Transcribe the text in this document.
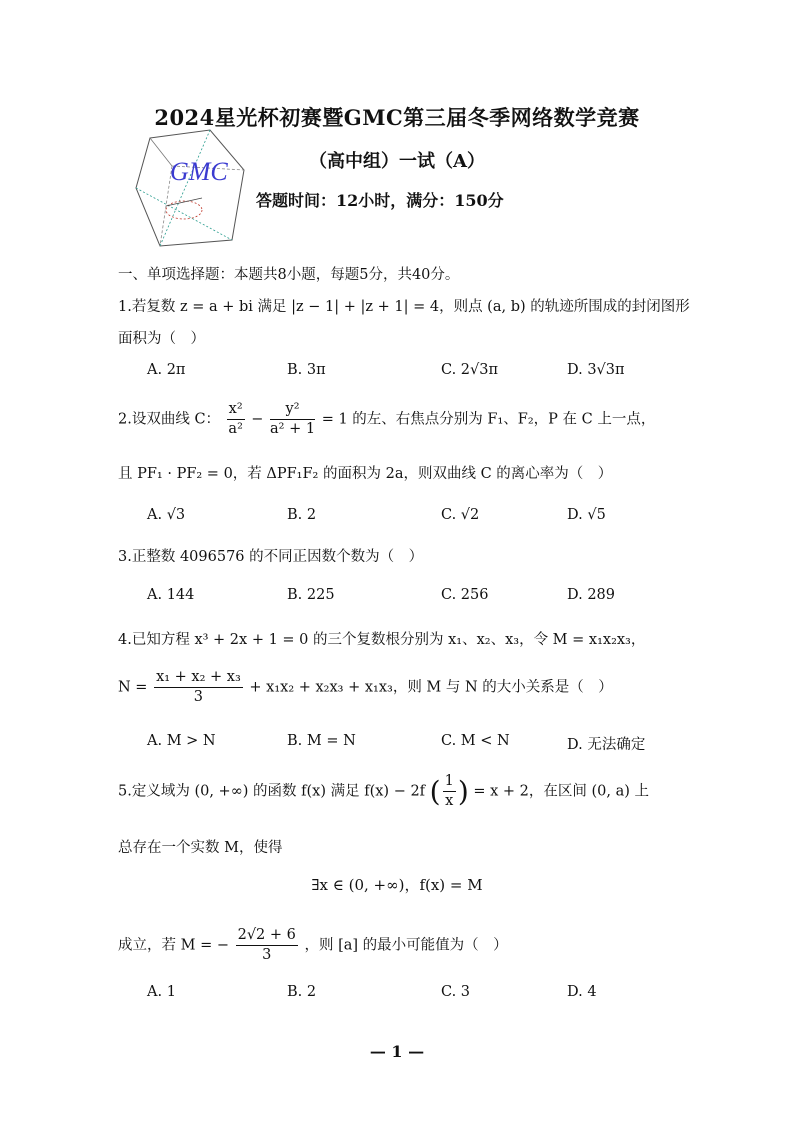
2024星光杯初赛暨GMC第三届冬季网络数学竞赛
GMC	（高中组）一试（A）
答题时间：12小时，满分：150分
一、单项选择题：本题共8小题，每题5分，共40分。
1.若复数 z = a + bi 满足 |z − 1| + |z + 1| = 4，则点 (a, b) 的轨迹所围成的封闭图形
面积为（　）
A. 2π	B. 3π	C. 2√3π	D. 3√3π
2.设双曲线 C： $\frac{\text{x²}}{\text{a²}} - \frac{\text{y²}}{\text{a² + 1}} = 1$ 的左、右焦点分别为 F₁、F₂，P 在 C 上一点，
且 PF₁ · PF₂ = 0，若 ΔPF₁F₂ 的面积为 2a，则双曲线 C 的离心率为（　）
A. √3	B. 2	C. √2	D. √5
3.正整数 4096576 的不同正因数个数为（　）
A. 144	B. 225	C. 256	D. 289
4.已知方程 x³ + 2x + 1 = 0 的三个复数根分别为 x₁、x₂、x₃，令 M = x₁x₂x₃，
$N = \frac{\text{x₁ + x₂ + x₃}}{3} + x_1x_2 + x_2x_3 + x_1x_3$，则 M 与 N 的大小关系是（　）
A. M > N	B. M = N	C. M < N	D. 无法确定
5.定义域为 (0, +∞) 的函数 f(x) 满足 f(x) − 2f ( $\frac{1}{x}$ ) = x + 2，在区间 (0, a) 上
总存在一个实数 M，使得
∃x ∈ (0, +∞)，f(x) = M
成立，若 M = − $\frac{2√2 + 6}{3}$ ，则 [a] 的最小可能值为（　）
A. 1	B. 2	C. 3	D. 4
— 1 —
